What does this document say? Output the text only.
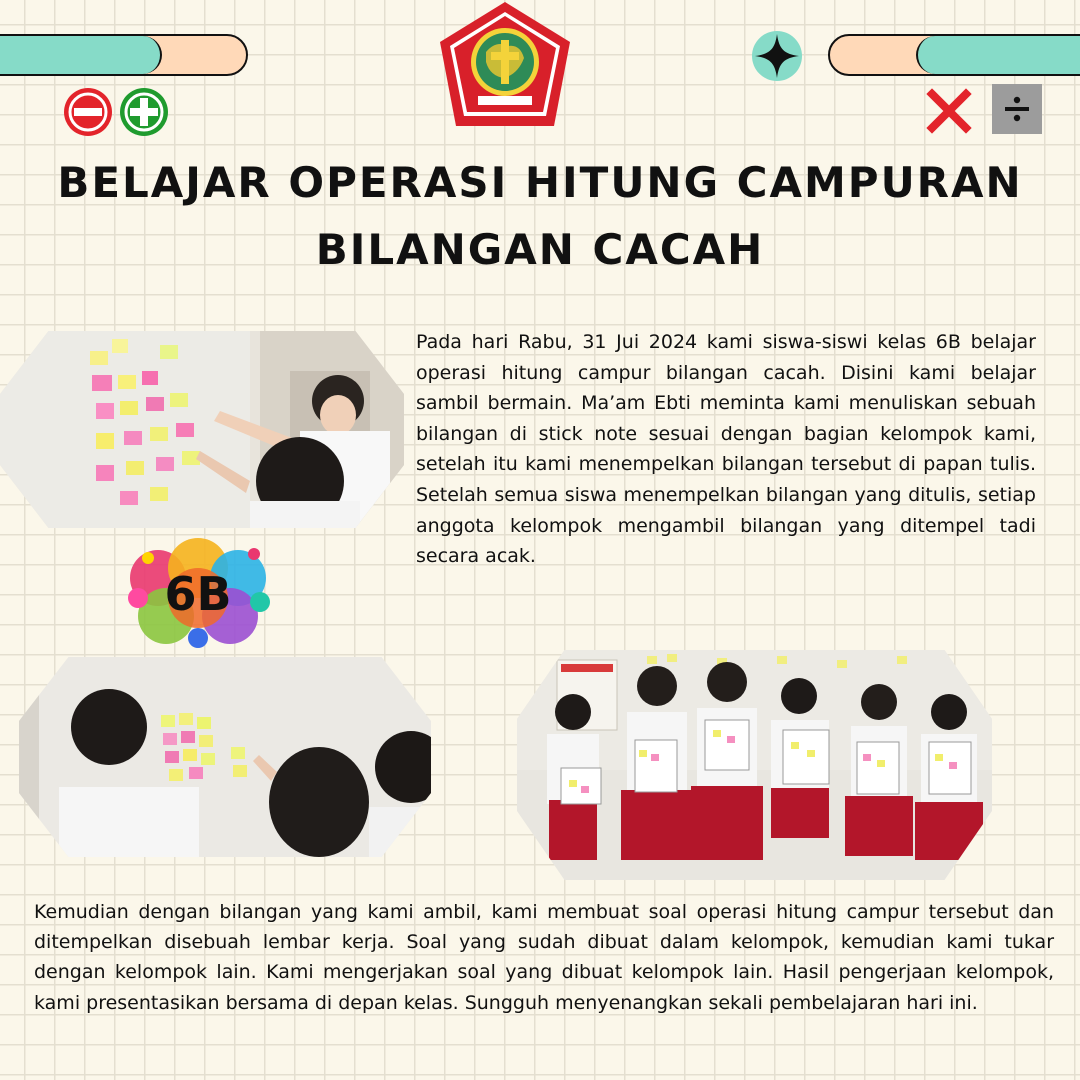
BELAJAR OPERASI HITUNG CAMPURAN
BILANGAN CACAH

Pada hari Rabu, 31 Jui 2024 kami siswa-siswi kelas 6B belajar operasi hitung campur bilangan cacah. Disini kami belajar sambil bermain. Ma’am Ebti meminta kami menuliskan sebuah bilangan di stick note sesuai dengan bagian kelompok kami, setelah itu kami menempelkan bilangan tersebut di papan tulis. Setelah semua siswa menempelkan bilangan yang ditulis, setiap anggota kelompok mengambil bilangan yang ditempel tadi secara acak.

6B

Kemudian dengan bilangan yang kami ambil, kami membuat soal operasi hitung campur tersebut dan ditempelkan disebuah lembar kerja. Soal yang sudah dibuat dalam kelompok, kemudian kami tukar dengan kelompok lain. Kami mengerjakan soal yang dibuat kelompok lain. Hasil pengerjaan kelompok, kami presentasikan bersama di depan kelas. Sungguh menyenangkan sekali pembelajaran hari ini.
